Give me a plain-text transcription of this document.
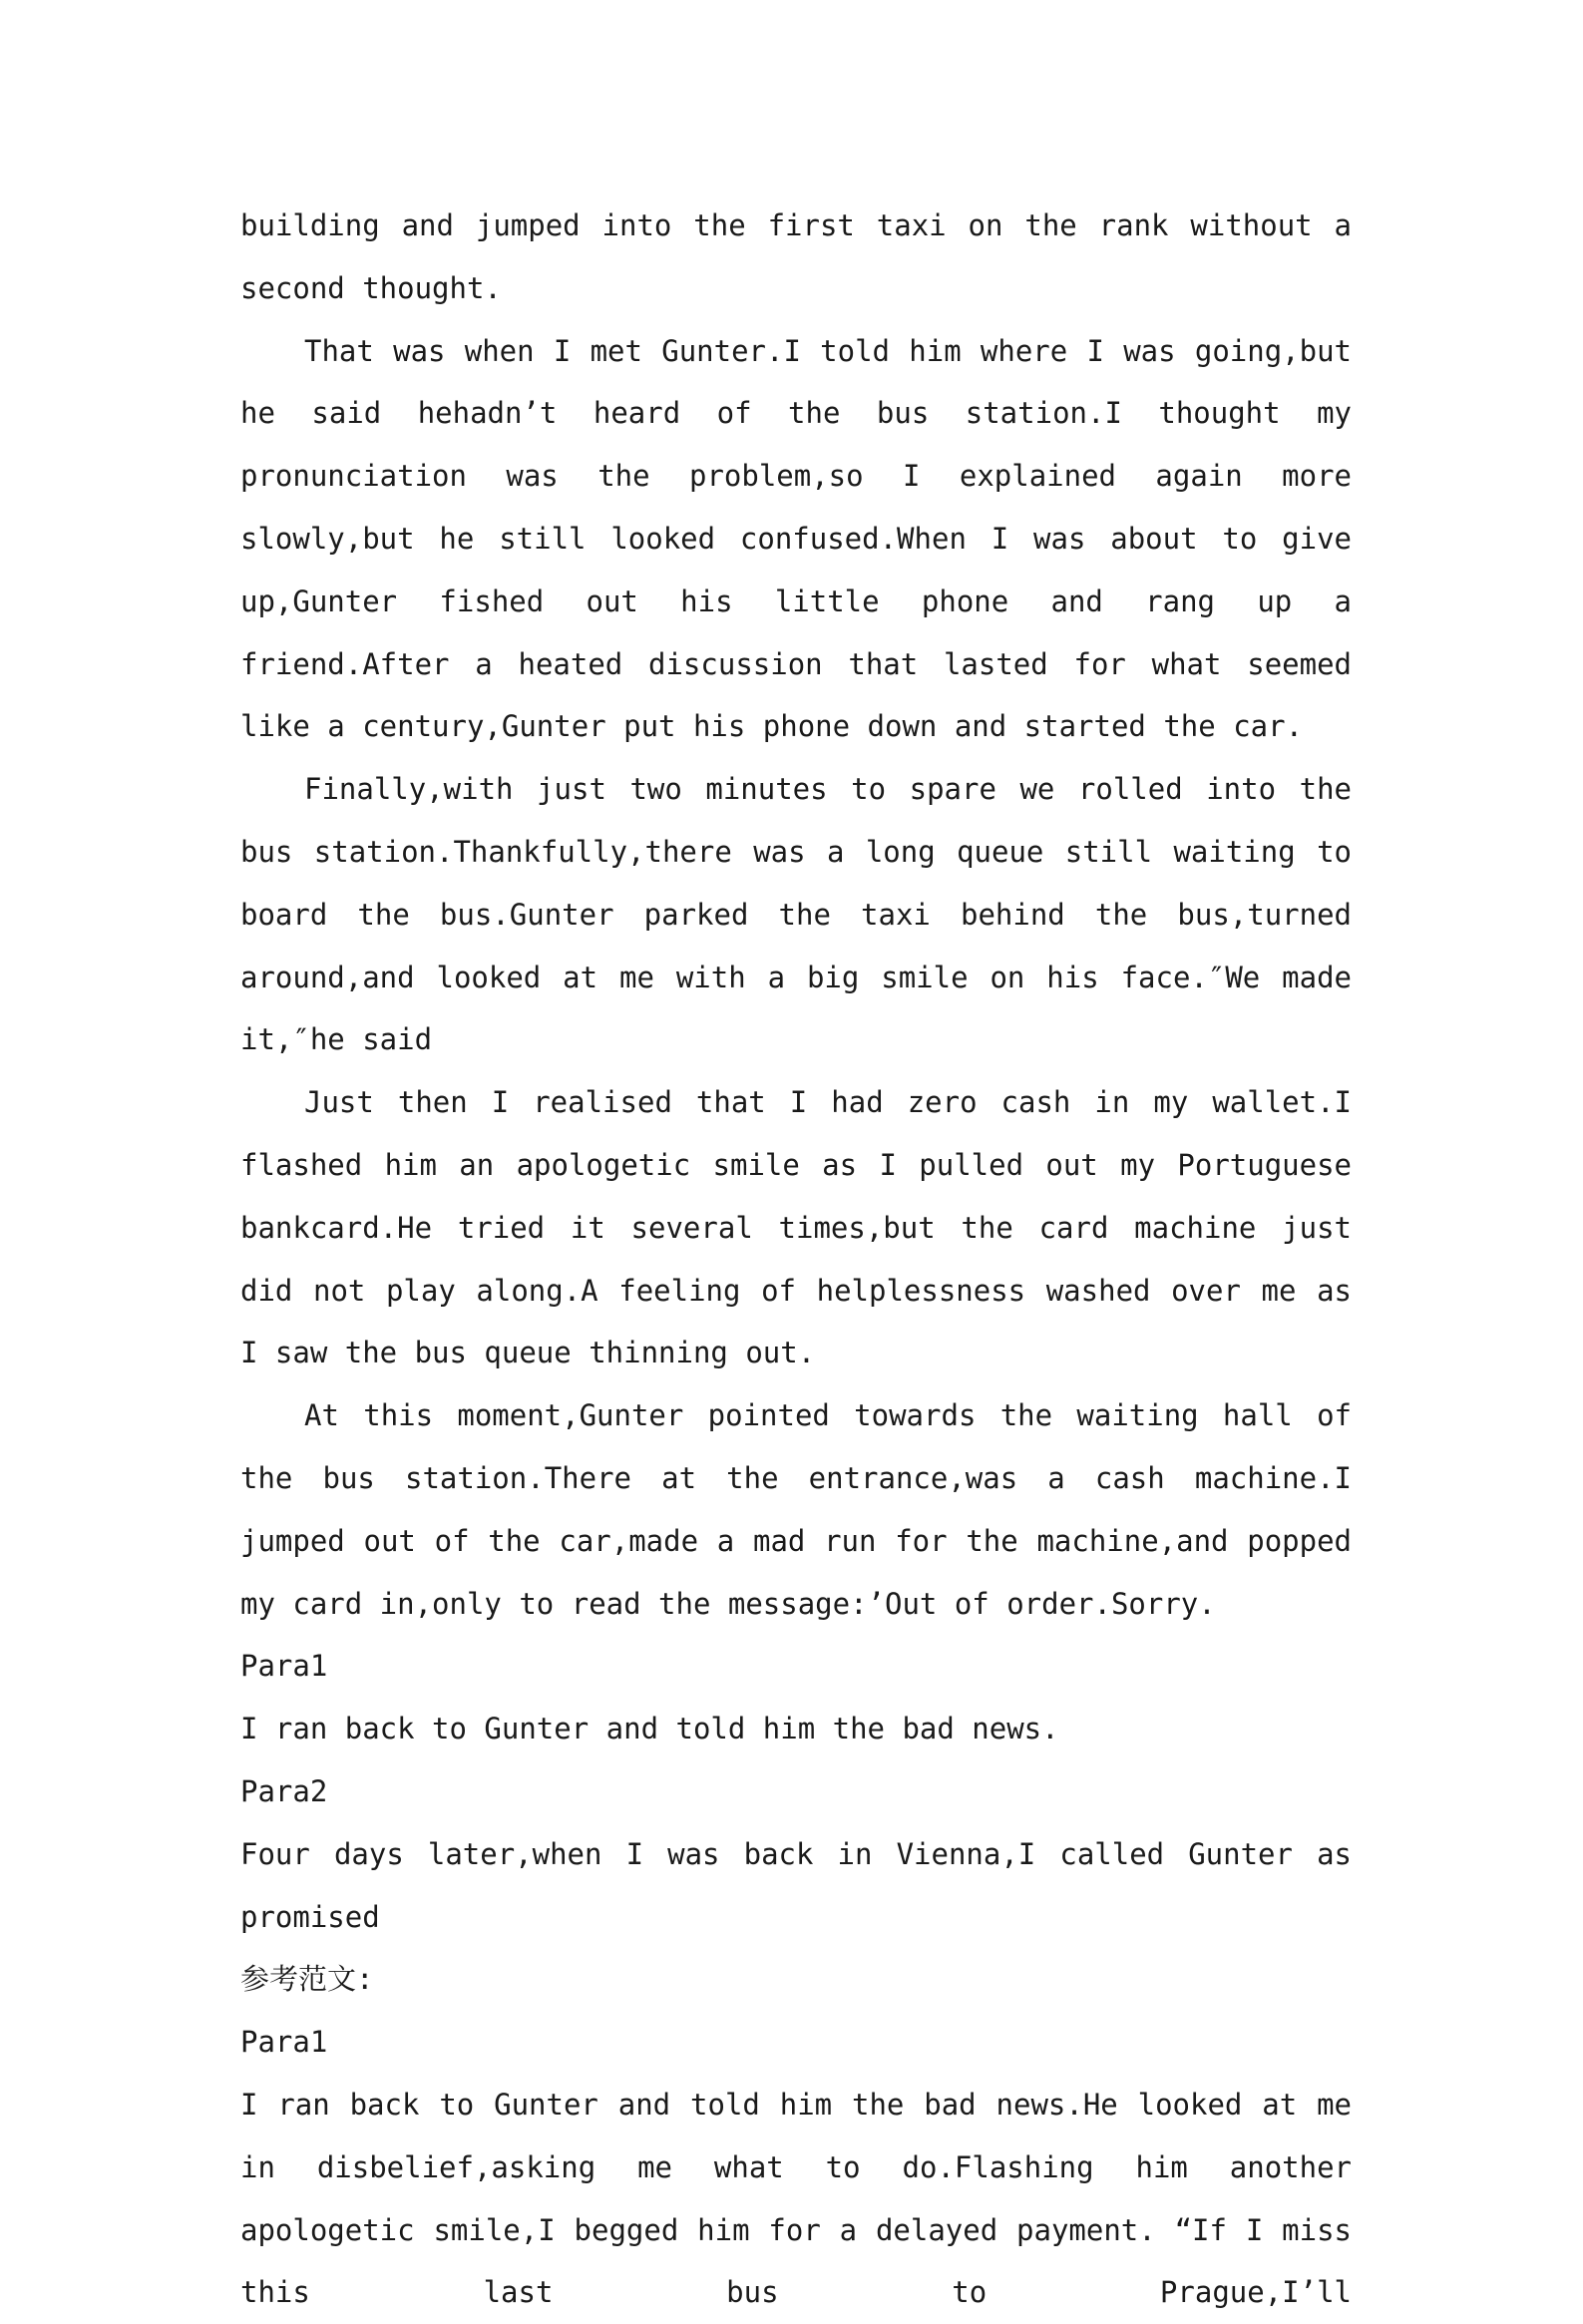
building and jumped into the first taxi on the rank without a second thought.

That was when I met Gunter.I told him where I was going,but he said hehadn’t heard of the bus station.I thought my pronunciation was the problem,so I explained again more slowly,but he still looked confused.When I was about to give up,Gunter fished out his little phone and rang up a friend.After a heated discussion that lasted for what seemed like a century,Gunter put his phone down and started the car.

Finally,with just two minutes to spare we rolled into the bus station.Thankfully,there was a long queue still waiting to board the bus.Gunter parked the taxi behind the bus,turned around,and looked at me with a big smile on his face.″We made it,″he said

Just then I realised that I had zero cash in my wallet.I flashed him an apologetic smile as I pulled out my Portuguese bankcard.He tried it several times,but the card machine just did not play along.A feeling of helplessness washed over me as I saw the bus queue thinning out.

At this moment,Gunter pointed towards the waiting hall of the bus station.There at the entrance,was a cash machine.I jumped out of the car,made a mad run for the machine,and popped my card in,only to read the message:’Out of order.Sorry.

Para1

I ran back to Gunter and told him the bad news.

Para2

Four days later,when I was back in Vienna,I called Gunter as promised

参考范文:

Para1

I ran back to Gunter and told him the bad news.He looked at me in disbelief,asking me what to do.Flashing him another apologetic smile,I begged him for a delayed payment. “If I miss this last bus to Prague,I’ll
